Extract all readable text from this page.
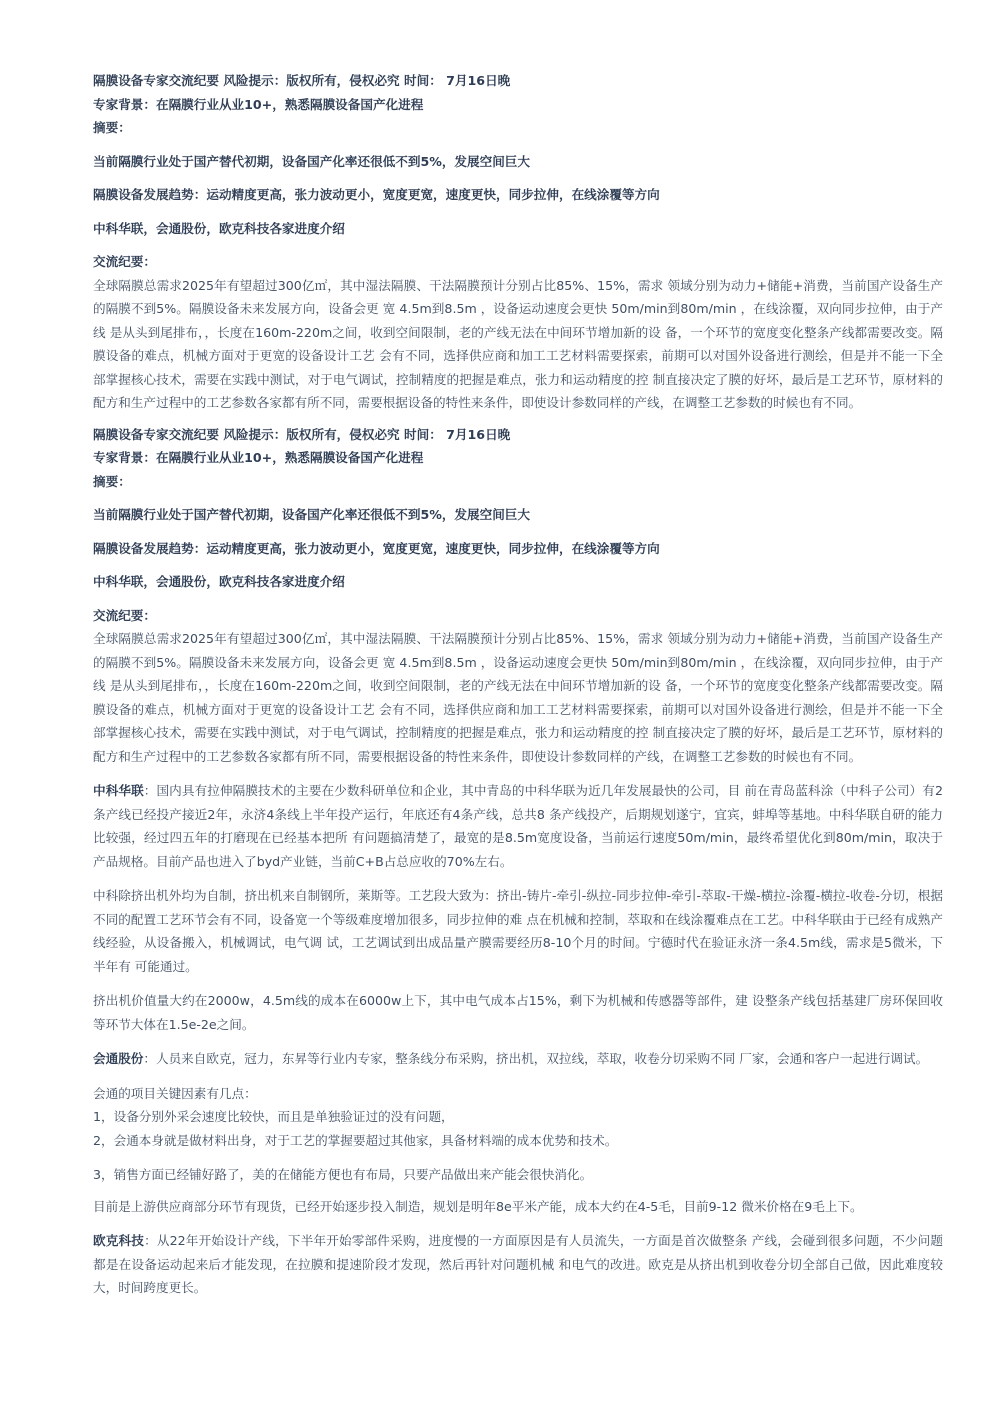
隔膜设备专家交流纪要 风险提示：版权所有，侵权必究 时间： 7月16日晚

专家背景：在隔膜行业从业10+，熟悉隔膜设备国产化进程

摘要：

当前隔膜行业处于国产替代初期，设备国产化率还很低不到5%，发展空间巨大

隔膜设备发展趋势：运动精度更高，张力波动更小，宽度更宽，速度更快，同步拉伸，在线涂覆等方向

中科华联，会通股份，欧克科技各家进度介绍

交流纪要：

全球隔膜总需求2025年有望超过300亿㎡，其中湿法隔膜、干法隔膜预计分别占比85%、15%，需求 领域分别为动力+储能+消费，当前国产设备生产的隔膜不到5%。隔膜设备未来发展方向，设备会更 宽 4.5m到8.5m ，设备运动速度会更快 50m/min到80m/min ，在线涂覆，双向同步拉伸，由于产线 是从头到尾排布，，长度在160m-220m之间，收到空间限制，老的产线无法在中间环节增加新的设 备，一个环节的宽度变化整条产线都需要改变。隔膜设备的难点，机械方面对于更宽的设备设计工艺 会有不同，选择供应商和加工工艺材料需要探索，前期可以对国外设备进行测绘，但是并不能一下全 部掌握核心技术，需要在实践中测试，对于电气调试，控制精度的把握是难点，张力和运动精度的控 制直接决定了膜的好坏，最后是工艺环节，原材料的配方和生产过程中的工艺参数各家都有所不同，需要根据设备的特性来条件，即使设计参数同样的产线，在调整工艺参数的时候也有不同。

隔膜设备专家交流纪要 风险提示：版权所有，侵权必究 时间： 7月16日晚

专家背景：在隔膜行业从业10+，熟悉隔膜设备国产化进程

摘要：

当前隔膜行业处于国产替代初期，设备国产化率还很低不到5%，发展空间巨大

隔膜设备发展趋势：运动精度更高，张力波动更小，宽度更宽，速度更快，同步拉伸，在线涂覆等方向

中科华联，会通股份，欧克科技各家进度介绍

交流纪要：

全球隔膜总需求2025年有望超过300亿㎡，其中湿法隔膜、干法隔膜预计分别占比85%、15%，需求 领域分别为动力+储能+消费，当前国产设备生产的隔膜不到5%。隔膜设备未来发展方向，设备会更 宽 4.5m到8.5m ，设备运动速度会更快 50m/min到80m/min ，在线涂覆，双向同步拉伸，由于产线 是从头到尾排布，，长度在160m-220m之间，收到空间限制，老的产线无法在中间环节增加新的设 备，一个环节的宽度变化整条产线都需要改变。隔膜设备的难点，机械方面对于更宽的设备设计工艺 会有不同，选择供应商和加工工艺材料需要探索，前期可以对国外设备进行测绘，但是并不能一下全 部掌握核心技术，需要在实践中测试，对于电气调试，控制精度的把握是难点，张力和运动精度的控 制直接决定了膜的好坏，最后是工艺环节，原材料的配方和生产过程中的工艺参数各家都有所不同，需要根据设备的特性来条件，即使设计参数同样的产线，在调整工艺参数的时候也有不同。

中科华联：国内具有拉伸隔膜技术的主要在少数科研单位和企业，其中青岛的中科华联为近几年发展最快的公司，目 前在青岛蓝科涂（中科子公司）有2条产线已经投产接近2年，永济4条线上半年投产运行，年底还有4条产线，总共8 条产线投产，后期规划遂宁，宜宾，蚌埠等基地。中科华联自研的能力比较强，经过四五年的打磨现在已经基本把所 有问题搞清楚了，最宽的是8.5m宽度设备，当前运行速度50m/min，最终希望优化到80m/min，取决于产品规格。目前产品也进入了byd产业链，当前C+B占总应收的70%左右。

中科除挤出机外均为自制，挤出机来自制钢所，莱斯等。工艺段大致为：挤出-铸片-牵引-纵拉-同步拉伸-牵引-萃取-干燥-横拉-涂覆-横拉-收卷-分切，根据不同的配置工艺环节会有不同，设备宽一个等级难度增加很多，同步拉伸的难 点在机械和控制，萃取和在线涂覆难点在工艺。中科华联由于已经有成熟产线经验，从设备搬入，机械调试，电气调 试，工艺调试到出成品量产膜需要经历8-10个月的时间。宁德时代在验证永济一条4.5m线，需求是5微米，下半年有 可能通过。

挤出机价值量大约在2000w，4.5m线的成本在6000w上下，其中电气成本占15%，剩下为机械和传感器等部件，建 设整条产线包括基建厂房环保回收等环节大体在1.5e-2e之间。

会通股份：人员来自欧克，冠力，东昇等行业内专家，整条线分布采购，挤出机，双拉线，萃取，收卷分切采购不同 厂家，会通和客户一起进行调试。

会通的项目关键因素有几点：

1，设备分别外采会速度比较快，而且是单独验证过的没有问题，

2，会通本身就是做材料出身，对于工艺的掌握要超过其他家，具备材料端的成本优势和技术。

3，销售方面已经铺好路了，美的在储能方便也有布局，只要产品做出来产能会很快消化。

目前是上游供应商部分环节有现货，已经开始逐步投入制造，规划是明年8e平米产能，成本大约在4-5毛，目前9-12 微米价格在9毛上下。

欧克科技：从22年开始设计产线，下半年开始零部件采购，进度慢的一方面原因是有人员流失，一方面是首次做整条 产线，会碰到很多问题，不少问题都是在设备运动起来后才能发现，在拉膜和提速阶段才发现，然后再针对问题机械 和电气的改进。欧克是从挤出机到收卷分切全部自己做，因此难度较大，时间跨度更长。
